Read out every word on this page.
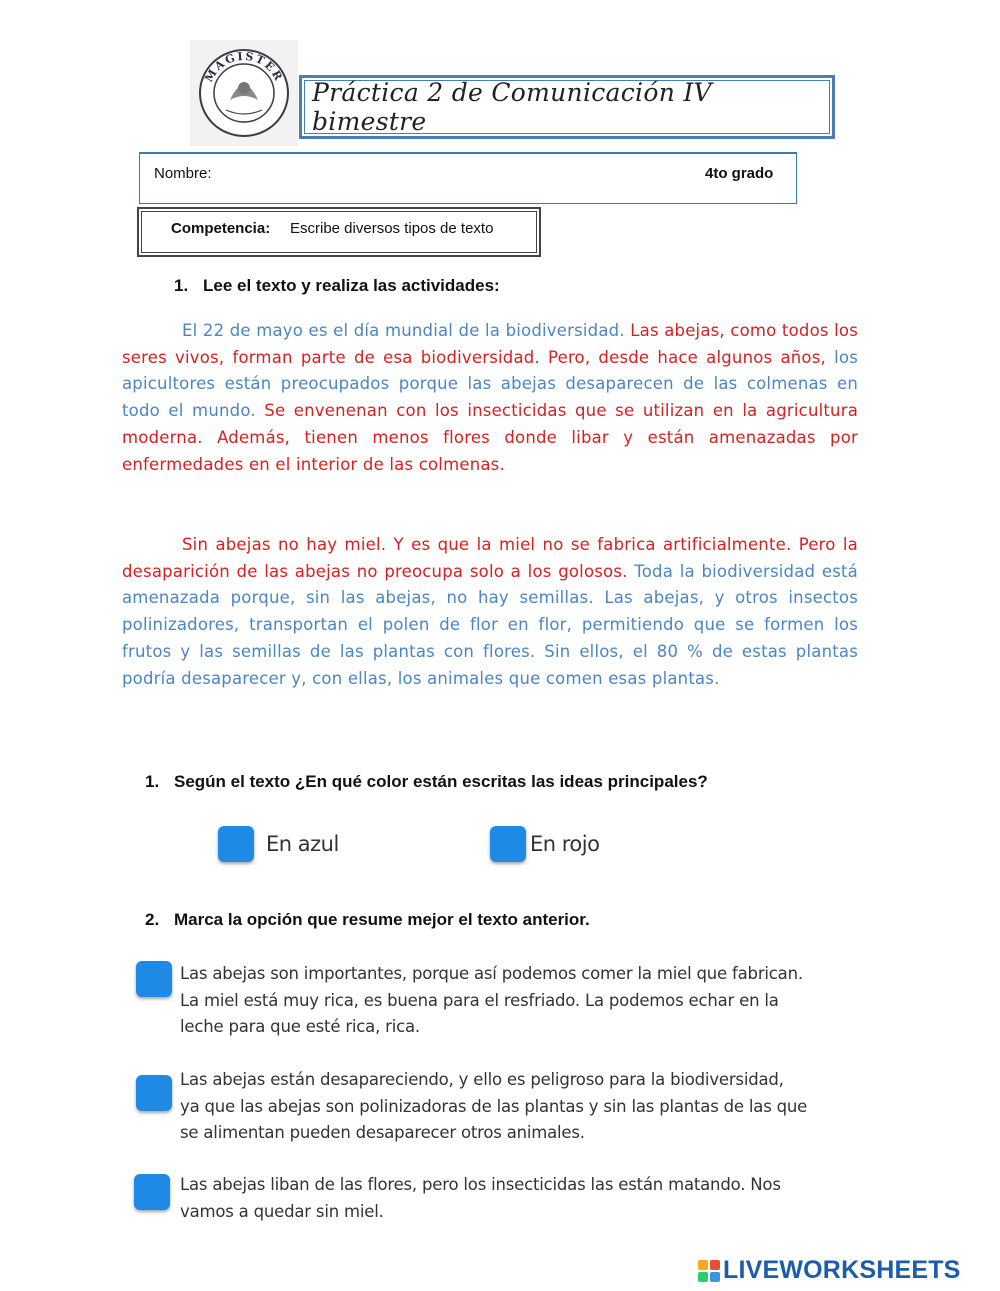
MAGISTER
Práctica 2 de Comunicación IV bimestre
Nombre:	4to grado
Competencia: Escribe diversos tipos de texto
1. Lee el texto y realiza las actividades:

El 22 de mayo es el día mundial de la biodiversidad. Las abejas, como todos los seres vivos, forman parte de esa biodiversidad. Pero, desde hace algunos años, los apicultores están preocupados porque las abejas desaparecen de las colmenas en todo el mundo. Se envenenan con los insecticidas que se utilizan en la agricultura moderna. Además, tienen menos flores donde libar y están amenazadas por enfermedades en el interior de las colmenas.

Sin abejas no hay miel. Y es que la miel no se fabrica artificialmente. Pero la desaparición de las abejas no preocupa solo a los golosos. Toda la biodiversidad está amenazada porque, sin las abejas, no hay semillas. Las abejas, y otros insectos polinizadores, transportan el polen de flor en flor, permitiendo que se formen los frutos y las semillas de las plantas con flores. Sin ellos, el 80 % de estas plantas podría desaparecer y, con ellas, los animales que comen esas plantas.

1. Según el texto ¿En qué color están escritas las ideas principales?
En azul	En rojo
2. Marca la opción que resume mejor el texto anterior.
Las abejas son importantes, porque así podemos comer la miel que fabrican.
La miel está muy rica, es buena para el resfriado. La podemos echar en la
leche para que esté rica, rica.
Las abejas están desapareciendo, y ello es peligroso para la biodiversidad,
ya que las abejas son polinizadoras de las plantas y sin las plantas de las que
se alimentan pueden desaparecer otros animales.
Las abejas liban de las flores, pero los insecticidas las están matando. Nos
vamos a quedar sin miel.
LIVEWORKSHEETS
